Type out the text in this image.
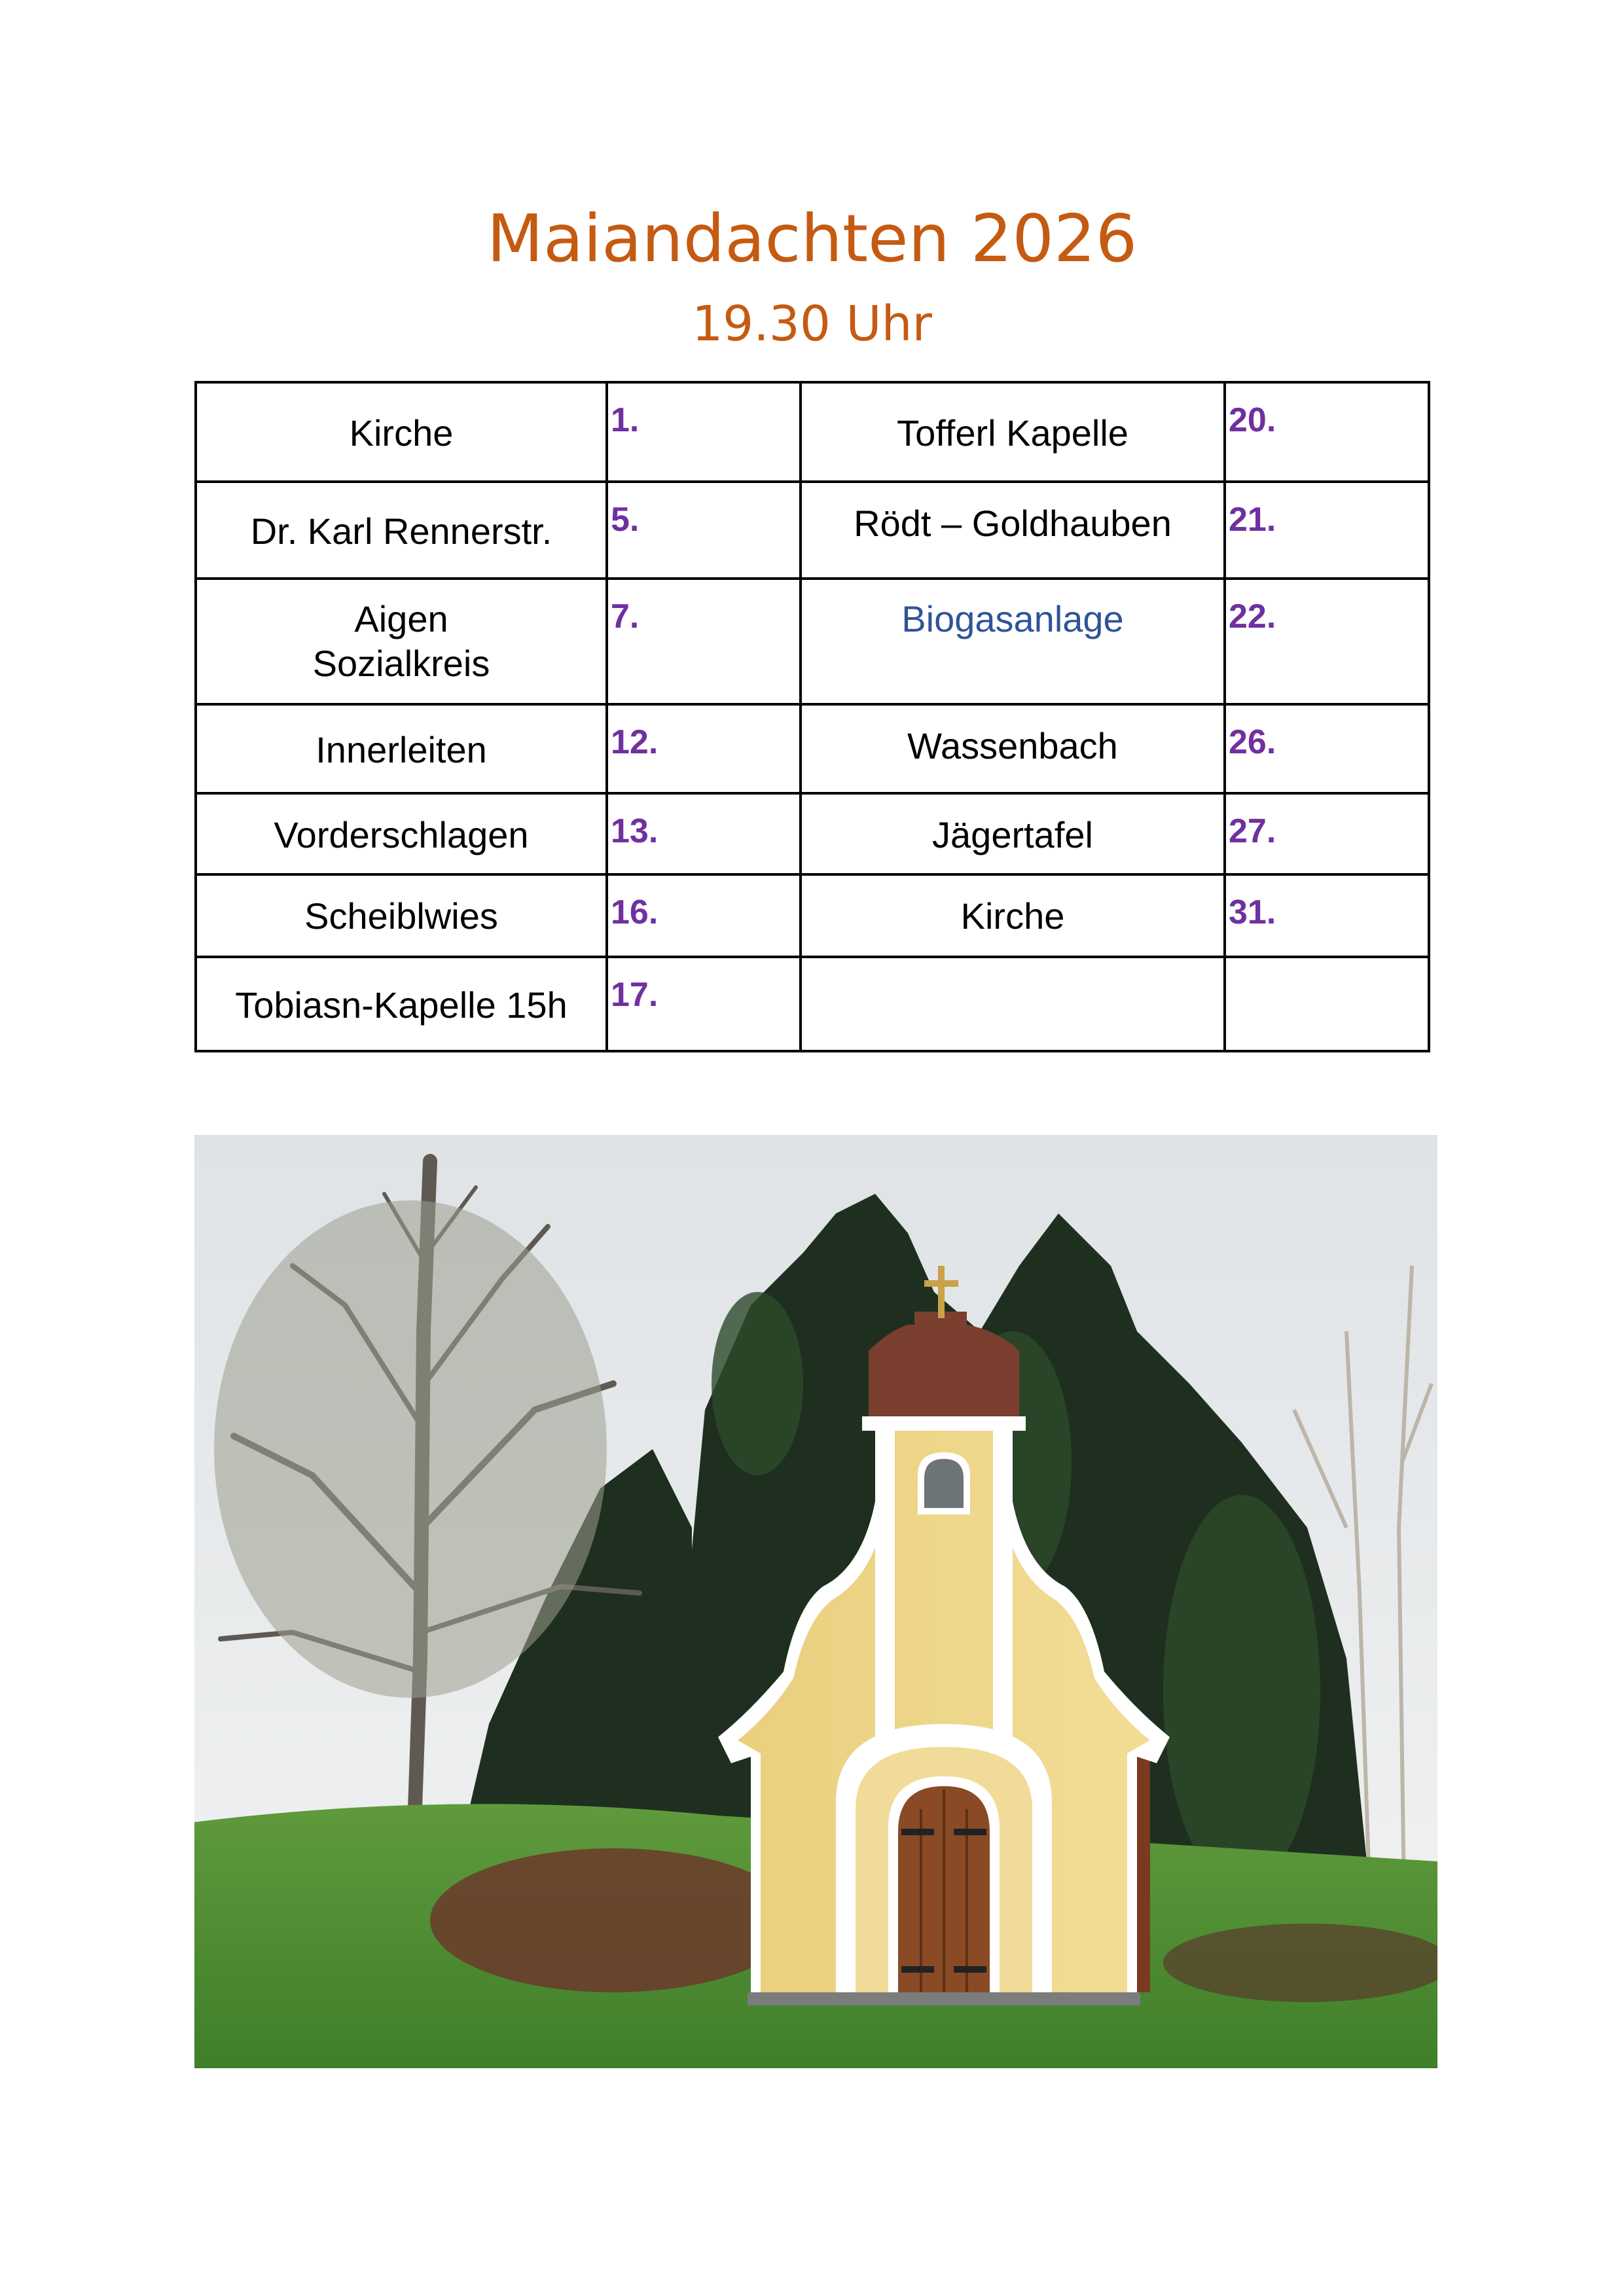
Maiandachten 2026
19.30 Uhr
Kirche	1.	Tofferl Kapelle	20.

Dr. Karl Rennerstr.	5.	Rödt – Goldhauben	21.

Aigen
Sozialkreis	7.	Biogasanlage	22.

Innerleiten	12.	Wassenbach	26.

Vorderschlagen	13.	Jägertafel	27.

Scheiblwies	16.	Kirche	31.

Tobiasn-Kapelle 15h	17.		
